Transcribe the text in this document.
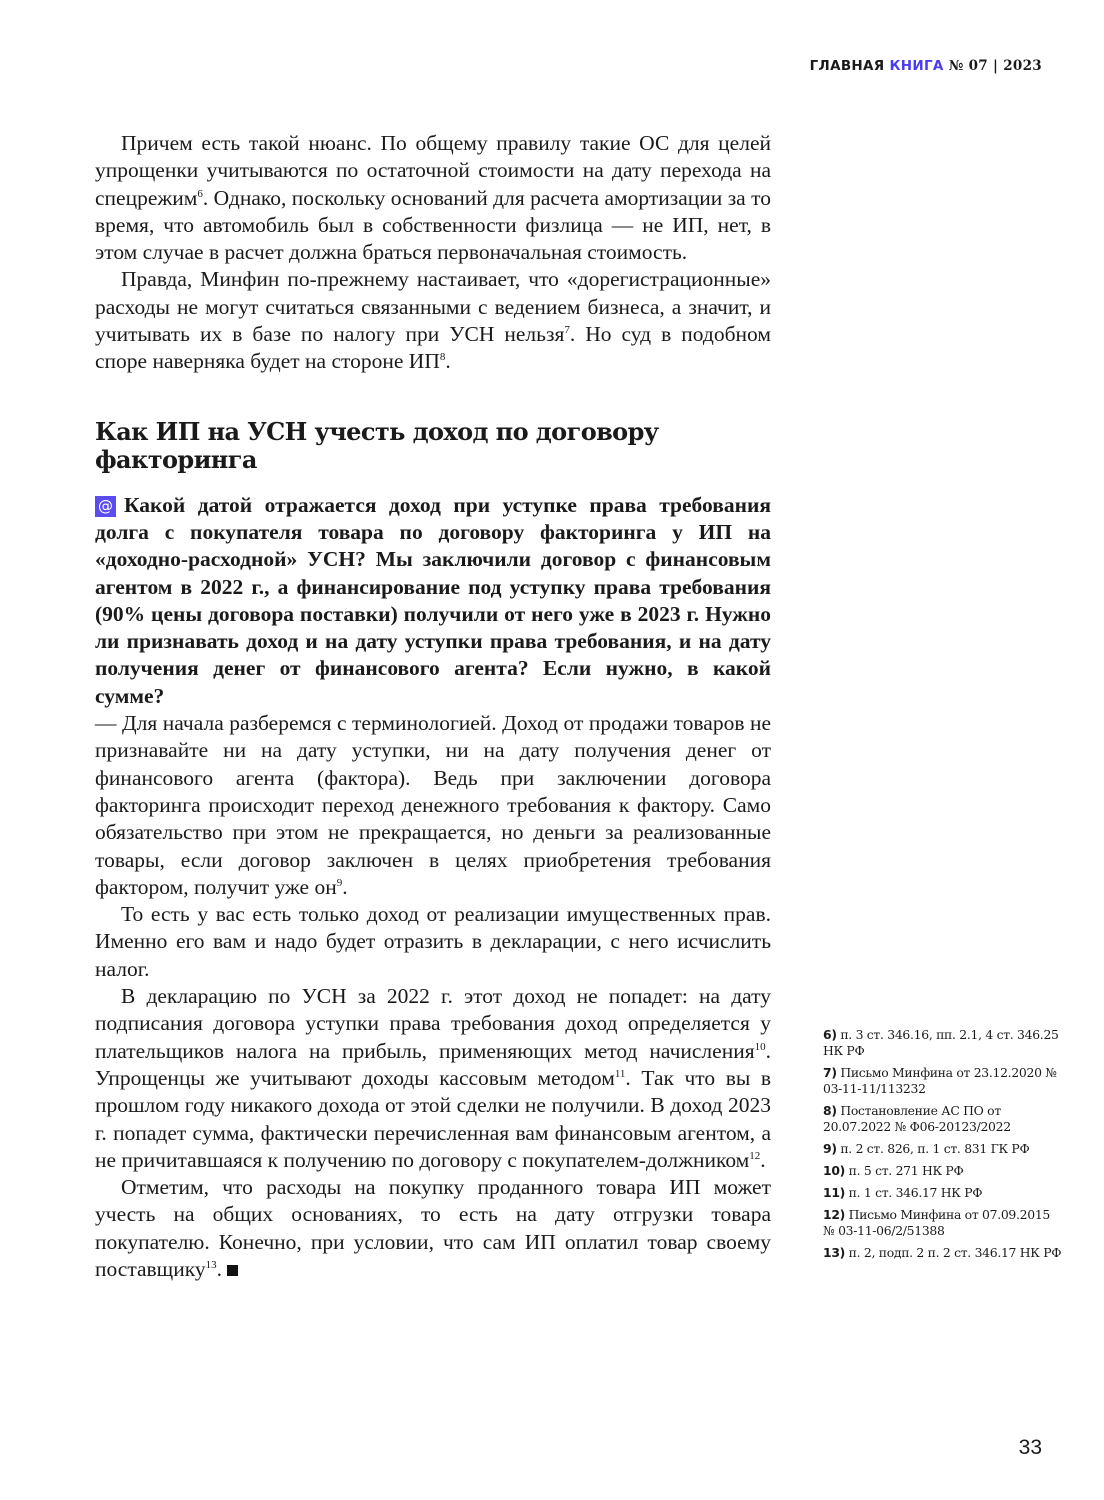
ГЛАВНАЯ КНИГА № 07 | 2023

Причем есть такой нюанс. По общему правилу такие ОС для целей упрощенки учитываются по остаточной стоимости на дату перехода на спецрежим$^6$. Однако, поскольку оснований для расчета амортизации за то время, что автомобиль был в собственности физлица — не ИП, нет, в этом случае в расчет должна браться первоначальная стоимость.

Правда, Минфин по-прежнему настаивает, что «дорегистрационные» расходы не могут считаться связанными с ведением бизнеса, а значит, и учитывать их в базе по налогу при УСН нельзя$^7$. Но суд в подобном споре наверняка будет на стороне $ИП^8$.

Как ИП на УСН учесть доход по договору факторинга

@ Какой датой отражается доход при уступке права требования долга с покупателя товара по договору факторинга у ИП на «доходно-расходной» УСН? Мы заключили договор с финансовым агентом в 2022 г., а финансирование под уступку права требования (90% цены договора поставки) получили от него уже в 2023 г. Нужно ли признавать доход и на дату уступки права требования, и на дату получения денег от финансового агента? Если нужно, в какой сумме?

— Для начала разберемся с терминологией. Доход от продажи товаров не признавайте ни на дату уступки, ни на дату получения денег от финансового агента (фактора). Ведь при заключении договора факторинга происходит переход денежного требования к фактору. Само обязательство при этом не прекращается, но деньги за реализованные товары, если договор заключен в целях приобретения требования фактором, получит уже $он^9$.

То есть у вас есть только доход от реализации имущественных прав. Именно его вам и надо будет отразить в декларации, с него исчислить налог.

В декларацию по УСН за 2022 г. этот доход не попадет: на дату подписания договора уступки права требования доход определяется у плательщиков налога на прибыль, применяющих метод начисления$^{10}$. Упрощенцы же учитывают доходы кассовым методом$^{11}$. Так что вы в прошлом году никакого дохода от этой сделки не получили. В доход 2023 г. попадет сумма, фактически перечисленная вам финансовым агентом, а не причитавшаяся к получению по договору с покупателем-должником$^{12}$.

Отметим, что расходы на покупку проданного товара ИП может учесть на общих основаниях, то есть на дату отгрузки товара покупателю. Конечно, при условии, что сам ИП оплатил товар своему поставщику$^{13}$.

6) п. 3 ст. 346.16, пп. 2.1, 4 ст. 346.25 НК РФ
7) Письмо Минфина от 23.12.2020 № 03-11-11/113232
8) Постановление АС ПО от 20.07.2022 № Ф06-20123/2022
9) п. 2 ст. 826, п. 1 ст. 831 ГК РФ
10) п. 5 ст. 271 НК РФ
11) п. 1 ст. 346.17 НК РФ
12) Письмо Минфина от 07.09.2015 № 03-11-06/2/51388
13) п. 2, подп. 2 п. 2 ст. 346.17 НК РФ
33
